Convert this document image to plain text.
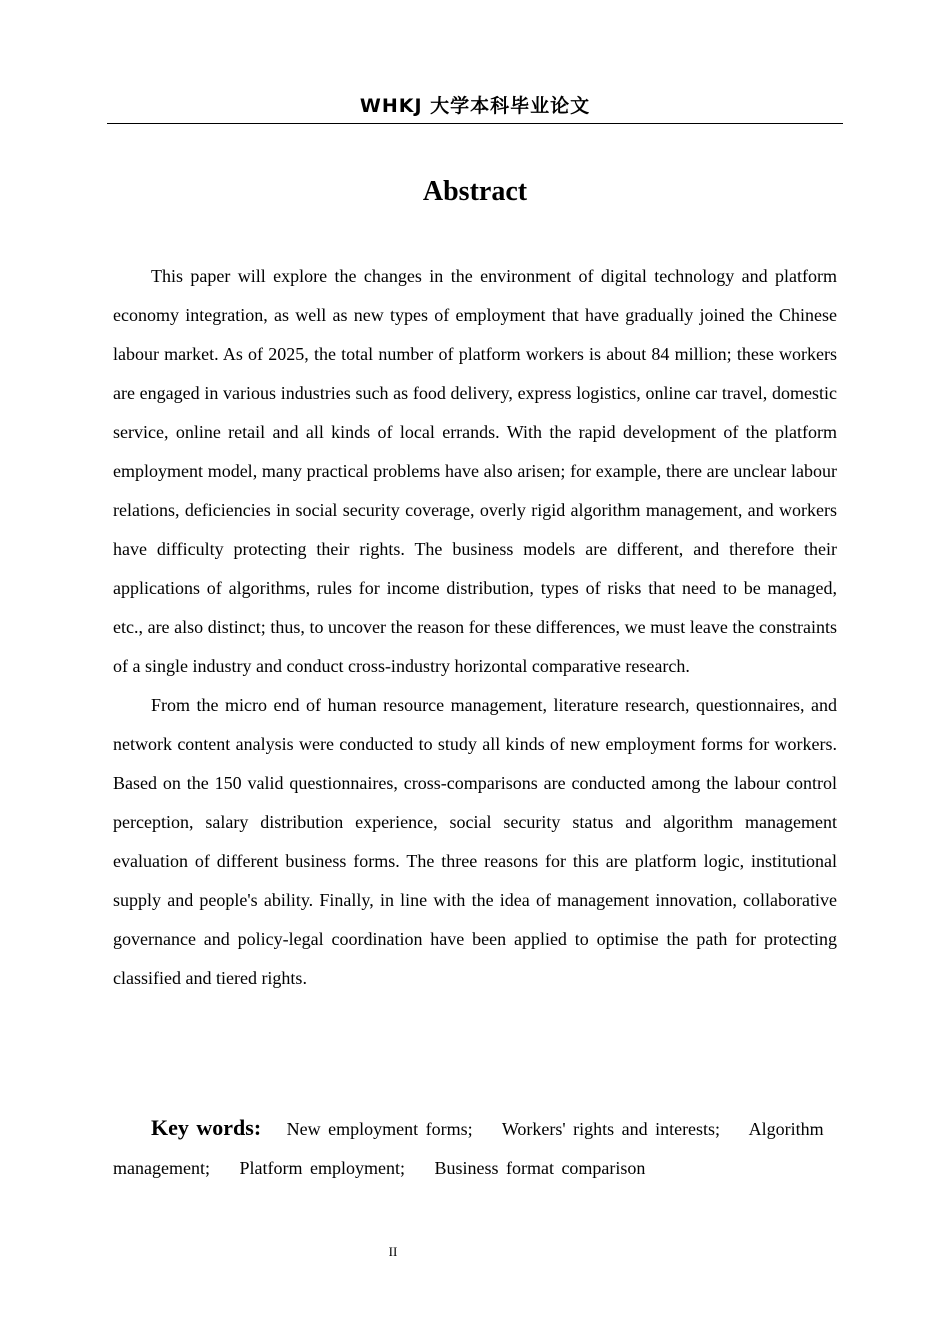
WHKJ 大学本科毕业论文
Abstract

This paper will explore the changes in the environment of digital technology and platform economy integration, as well as new types of employment that have gradually joined the Chinese labour market. As of 2025, the total number of platform workers is about 84 million; these workers are engaged in various industries such as food delivery, express logistics, online car travel, domestic service, online retail and all kinds of local errands. With the rapid development of the platform employment model, many practical problems have also arisen; for example, there are unclear labour relations, deficiencies in social security coverage, overly rigid algorithm management, and workers have difficulty protecting their rights. The business models are different, and therefore their applications of algorithms, rules for income distribution, types of risks that need to be managed, etc., are also distinct; thus, to uncover the reason for these differences, we must leave the constraints of a single industry and conduct cross-industry horizontal comparative research.

From the micro end of human resource management, literature research, questionnaires, and network content analysis were conducted to study all kinds of new employment forms for workers. Based on the 150 valid questionnaires, cross-comparisons are conducted among the labour control perception, salary distribution experience, social security status and algorithm management evaluation of different business forms. The three reasons for this are platform logic, institutional supply and people's ability. Finally, in line with the idea of management innovation, collaborative governance and policy-legal coordination have been applied to optimise the path for protecting classified and tiered rights.

Key words: New employment forms; Workers' rights and interests; Algorithm management; Platform employment; Business format comparison
II
